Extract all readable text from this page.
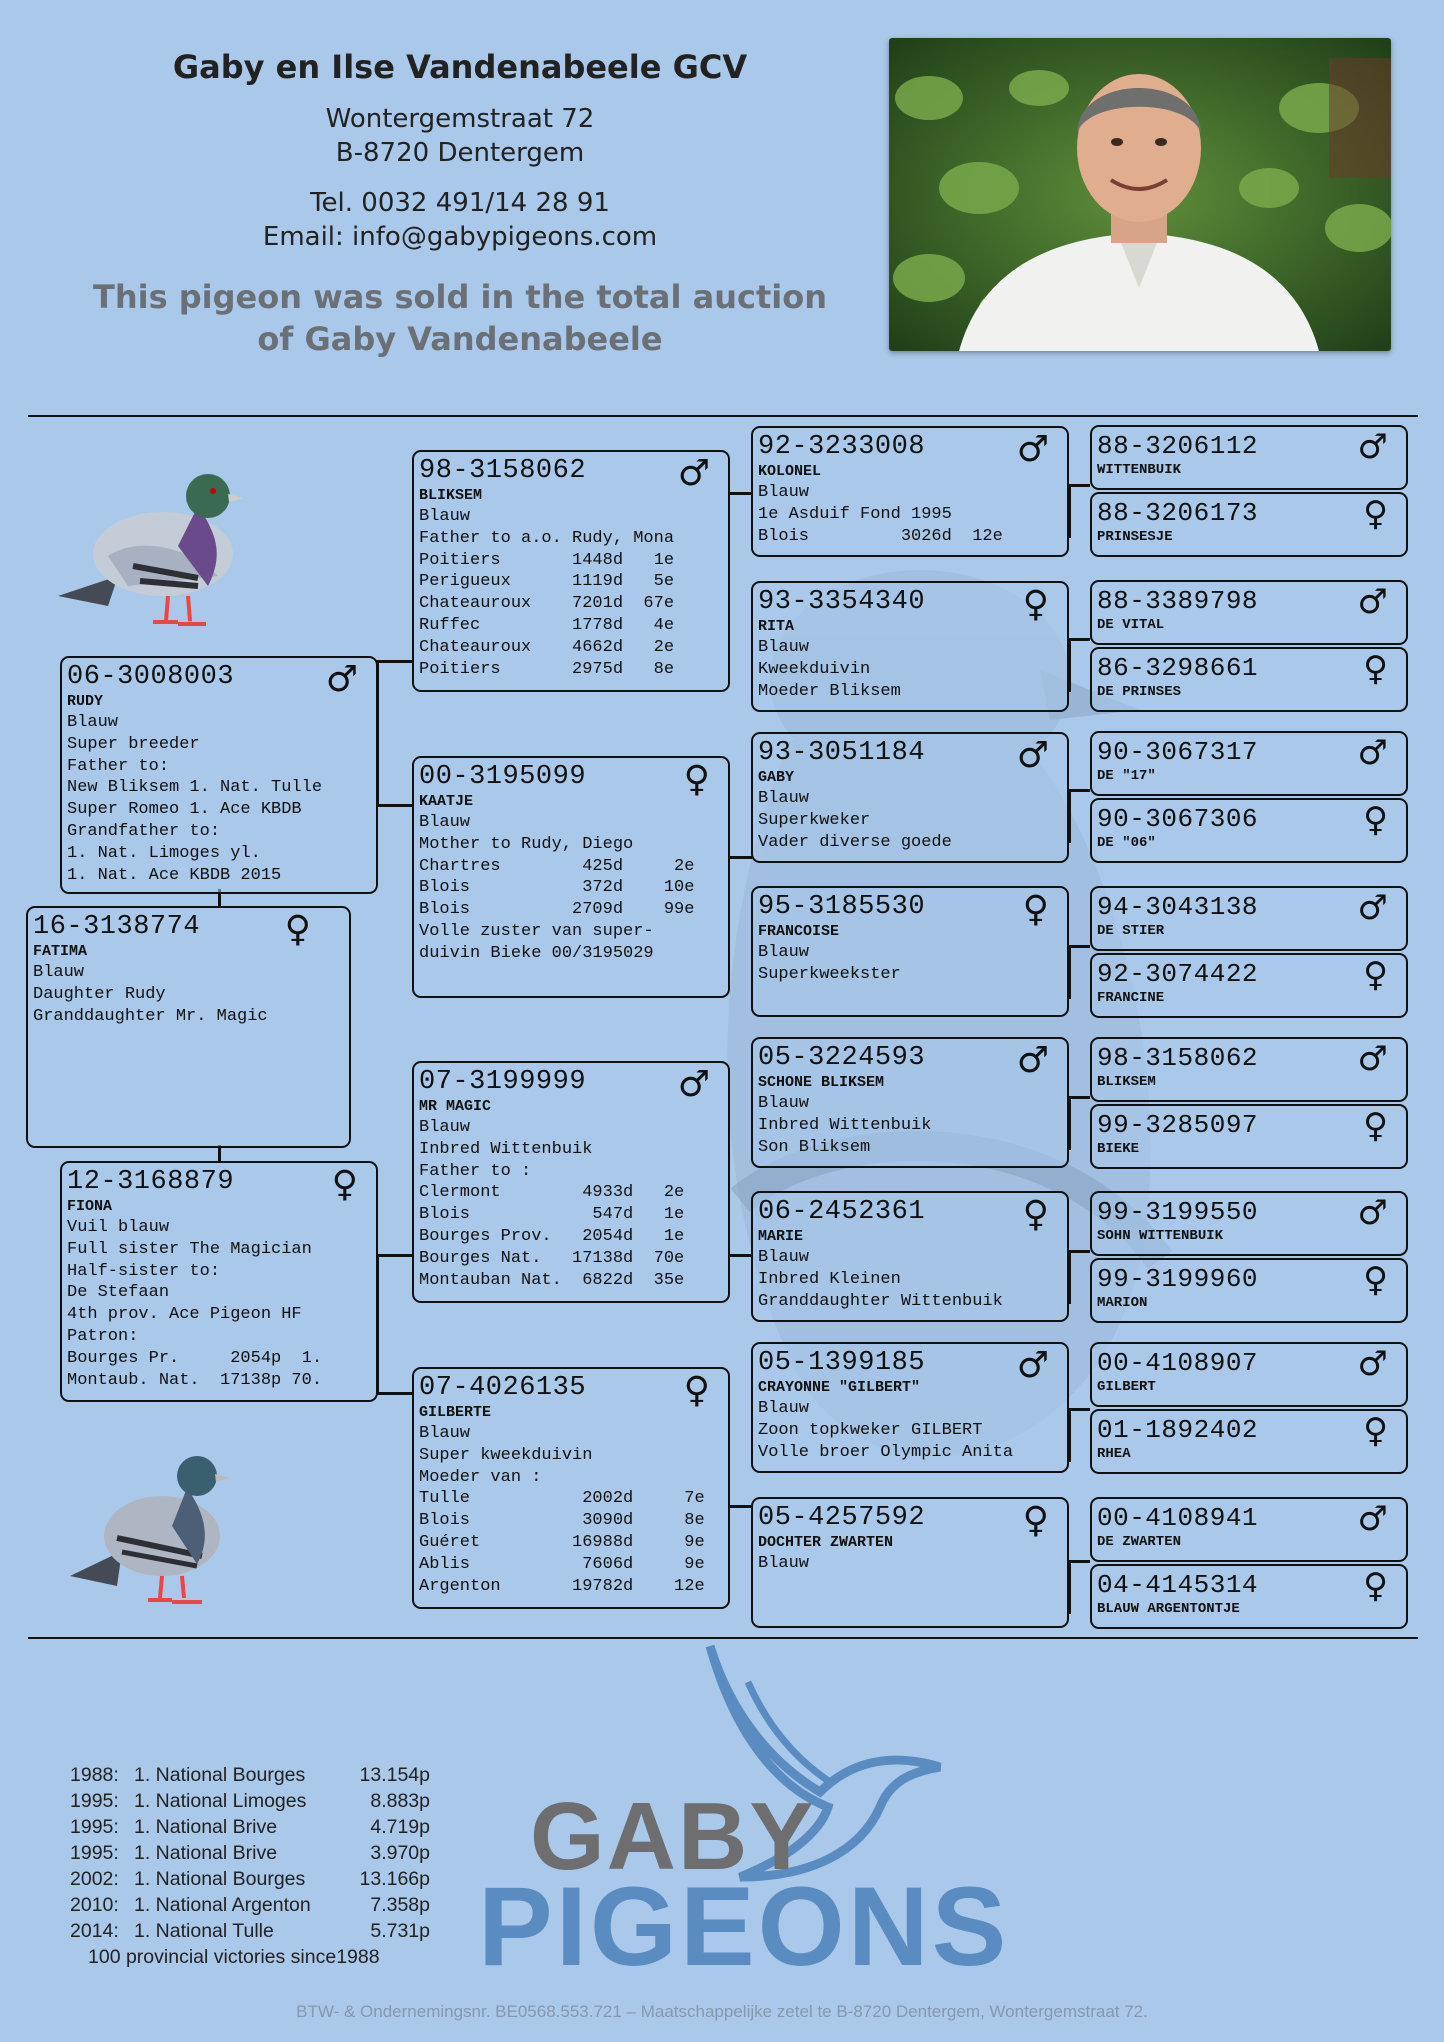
Gaby en Ilse Vandenabeele GCV
Wontergemstraat 72
B-8720 Dentergem
Tel. 0032 491/14 28 91
Email: info@gabypigeons.com
This pigeon was sold in the total auction
of Gaby Vandenabeele
06-3008003	♂
RUDY
Blauw
Super breeder
Father to:
New Bliksem 1. Nat. Tulle
Super Romeo 1. Ace KBDB
Grandfather to:
1. Nat. Limoges yl.
1. Nat. Ace KBDB 2015
16-3138774	♀
FATIMA
Blauw
Daughter Rudy
Granddaughter Mr. Magic
12-3168879	♀
FIONA
Vuil blauw
Full sister The Magician
Half-sister to:
De Stefaan
4th prov. Ace Pigeon HF
Patron:
Bourges Pr.     2054p  1.
Montaub. Nat.  17138p 70.
98-3158062	♂
BLIKSEM
Blauw
Father to a.o. Rudy, Mona
Poitiers       1448d   1e
Perigueux      1119d   5e
Chateauroux    7201d  67e
Ruffec         1778d   4e
Chateauroux    4662d   2e
Poitiers       2975d   8e
00-3195099	♀
KAATJE
Blauw
Mother to Rudy, Diego
Chartres        425d     2e
Blois           372d    10e
Blois          2709d    99e
Volle zuster van super-
duivin Bieke 00/3195029
07-3199999	♂
MR MAGIC
Blauw
Inbred Wittenbuik
Father to :
Clermont        4933d   2e
Blois            547d   1e
Bourges Prov.   2054d   1e
Bourges Nat.   17138d  70e
Montauban Nat.  6822d  35e
07-4026135	♀
GILBERTE
Blauw
Super kweekduivin
Moeder van :
Tulle           2002d     7e
Blois           3090d     8e
Guéret         16988d     9e
Ablis           7606d     9e
Argenton       19782d    12e
92-3233008	♂
KOLONEL
Blauw
1e Asduif Fond 1995
Blois         3026d  12e
93-3354340	♀
RITA
Blauw
Kweekduivin
Moeder Bliksem
93-3051184	♂
GABY
Blauw
Superkweker
Vader diverse goede
95-3185530	♀
FRANCOISE
Blauw
Superkweekster
05-3224593	♂
SCHONE BLIKSEM
Blauw
Inbred Wittenbuik
Son Bliksem
06-2452361	♀
MARIE
Blauw
Inbred Kleinen
Granddaughter Wittenbuik
05-1399185	♂
CRAYONNE "GILBERT"
Blauw
Zoon topkweker GILBERT
Volle broer Olympic Anita
05-4257592	♀
DOCHTER ZWARTEN
Blauw
88-3206112	♂
WITTENBUIK
88-3206173	♀
PRINSESJE
88-3389798	♂
DE VITAL
86-3298661	♀
DE PRINSES
90-3067317	♂
DE "17"
90-3067306	♀
DE "06"
94-3043138	♂
DE STIER
92-3074422	♀
FRANCINE
98-3158062	♂
BLIKSEM
99-3285097	♀
BIEKE
99-3199550	♂
SOHN WITTENBUIK
99-3199960	♀
MARION
00-4108907	♂
GILBERT
01-1892402	♀
RHEA
00-4108941	♂
DE ZWARTEN
04-4145314	♀
BLAUW ARGENTONTJE
1988: 1. National Bourges	13.154p
1995: 1. National Limoges	8.883p
1995: 1. National Brive	4.719p
1995: 1. National Brive	3.970p
2002: 1. National Bourges	13.166p
2010: 1. National Argenton	7.358p
2014: 1. National Tulle	5.731p
100 provincial victories since1988
GABY
PIGEONS
BTW- & Ondernemingsnr. BE0568.553.721 – Maatschappelijke zetel te B-8720 Dentergem, Wontergemstraat 72.
